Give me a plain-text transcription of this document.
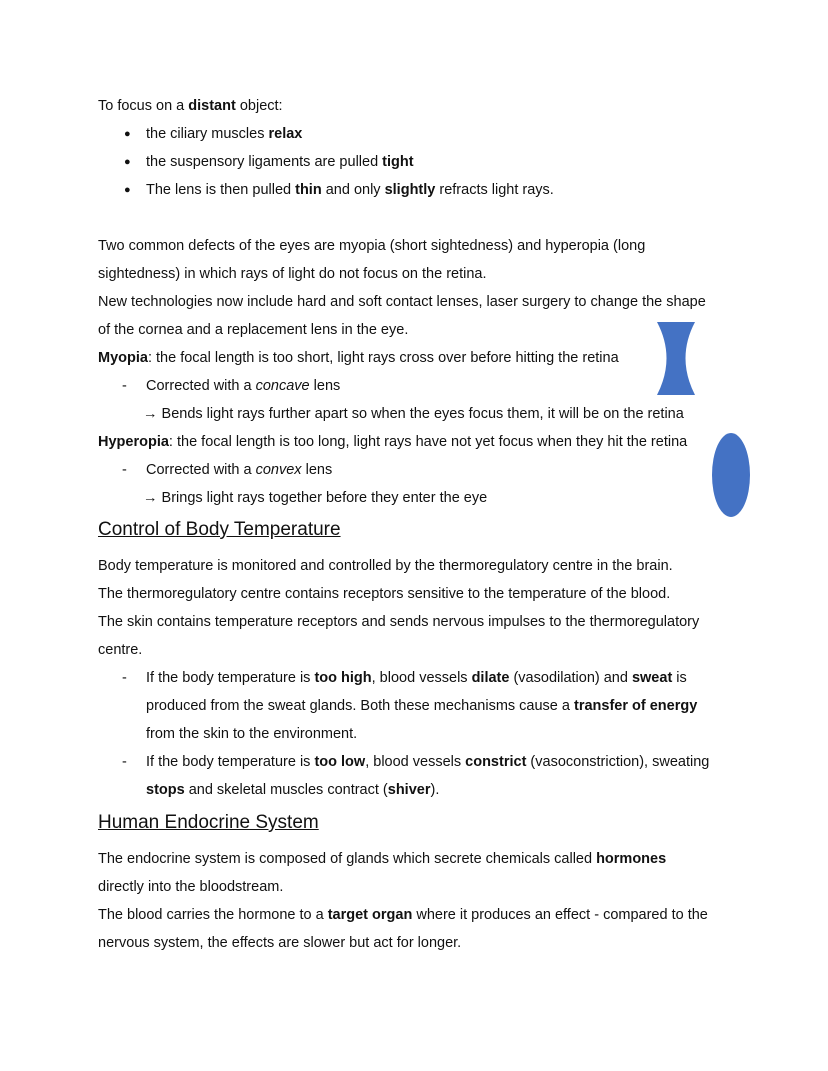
To focus on a distant object:
● the ciliary muscles relax
● the suspensory ligaments are pulled tight
● The lens is then pulled thin and only slightly refracts light rays.
Two common defects of the eyes are myopia (short sightedness) and hyperopia (long
sightedness) in which rays of light do not focus on the retina.
New technologies now include hard and soft contact lenses, laser surgery to change the shape
of the cornea and a replacement lens in the eye.
Myopia: the focal length is too short, light rays cross over before hitting the retina
- Corrected with a concave lens
→ Bends light rays further apart so when the eyes focus them, it will be on the retina
Hyperopia: the focal length is too long, light rays have not yet focus when they hit the retina
- Corrected with a convex lens
→ Brings light rays together before they enter the eye
Control of Body Temperature
Body temperature is monitored and controlled by the thermoregulatory centre in the brain.
The thermoregulatory centre contains receptors sensitive to the temperature of the blood.
The skin contains temperature receptors and sends nervous impulses to the thermoregulatory
centre.
- If the body temperature is too high, blood vessels dilate (vasodilation) and sweat is
produced from the sweat glands. Both these mechanisms cause a transfer of energy
from the skin to the environment.
- If the body temperature is too low, blood vessels constrict (vasoconstriction), sweating
stops and skeletal muscles contract (shiver).
Human Endocrine System
The endocrine system is composed of glands which secrete chemicals called hormones
directly into the bloodstream.
The blood carries the hormone to a target organ where it produces an effect - compared to the
nervous system, the effects are slower but act for longer.
